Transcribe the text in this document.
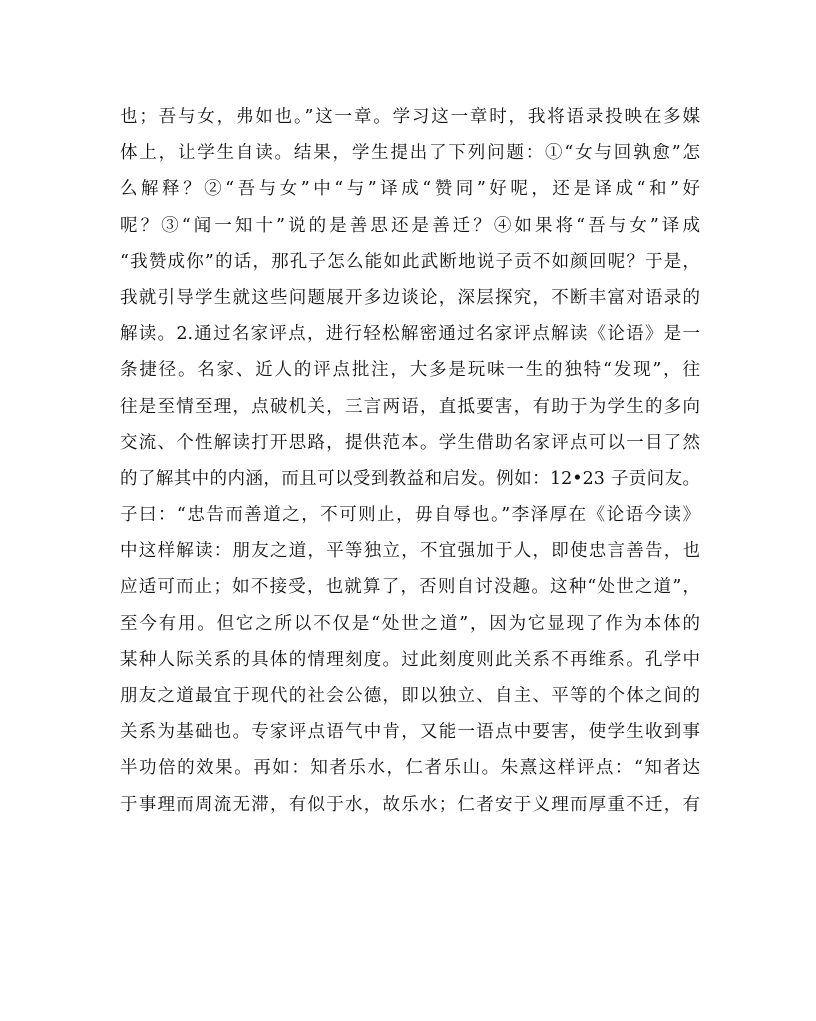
也；吾与女，弗如也。”这一章。学习这一章时，我将语录投映在多媒
体上，让学生自读。结果，学生提出了下列问题：①“女与回孰愈”怎
么解释？②“吾与女”中“与”译成“赞同”好呢，还是译成“和”好
呢？③“闻一知十”说的是善思还是善迁？④如果将“吾与女”译成
“我赞成你”的话，那孔子怎么能如此武断地说子贡不如颜回呢？于是，
我就引导学生就这些问题展开多边谈论，深层探究，不断丰富对语录的
解读。2.通过名家评点，进行轻松解密通过名家评点解读《论语》是一
条捷径。名家、近人的评点批注，大多是玩味一生的独特“发现”，往
往是至情至理，点破机关，三言两语，直抵要害，有助于为学生的多向
交流、个性解读打开思路，提供范本。学生借助名家评点可以一目了然
的了解其中的内涵，而且可以受到教益和启发。例如：12•23 子贡问友。
子曰：“忠告而善道之，不可则止，毋自辱也。”李泽厚在《论语今读》
中这样解读：朋友之道，平等独立，不宜强加于人，即使忠言善告，也
应适可而止；如不接受，也就算了，否则自讨没趣。这种“处世之道”，
至今有用。但它之所以不仅是“处世之道”，因为它显现了作为本体的
某种人际关系的具体的情理刻度。过此刻度则此关系不再维系。孔学中
朋友之道最宜于现代的社会公德，即以独立、自主、平等的个体之间的
关系为基础也。专家评点语气中肯，又能一语点中要害，使学生收到事
半功倍的效果。再如：知者乐水，仁者乐山。朱熹这样评点：“知者达
于事理而周流无滞，有似于水，故乐水；仁者安于义理而厚重不迁，有
